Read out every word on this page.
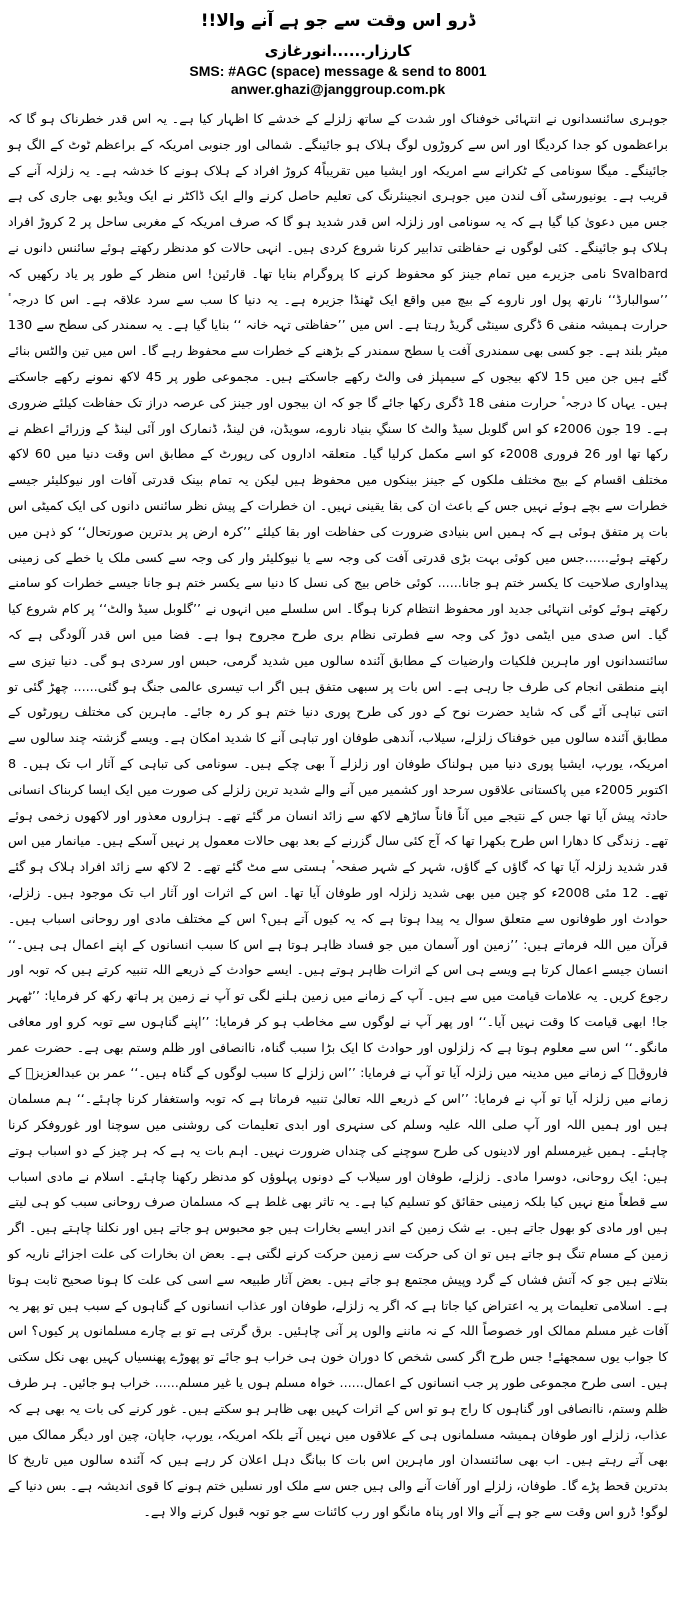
ڈرو اس وقت سے جو ہے آنے والا!!
کارزار......انورغازی
SMS: #AGC (space) message & send to 8001
anwer.ghazi@janggroup.com.pk

جوہری سائنسدانوں نے انتہائی خوفناک اور شدت کے ساتھ زلزلے کے خدشے کا اظہار کیا ہے۔ یہ اس قدر خطرناک ہو گا کہ براعظموں کو جدا کردیگا اور اس سے کروڑوں لوگ ہلاک ہو جائینگے۔ شمالی اور جنوبی امریکہ کے براعظم ٹوٹ کے الگ ہو جائینگے۔ میگا سونامی کے ٹکرانے سے امریکہ اور ایشیا میں تقریباً4 کروڑ افراد کے ہلاک ہونے کا خدشہ ہے۔ یہ زلزلہ آنے کے قریب ہے۔ یونیورسٹی آف لندن میں جوہری انجینئرنگ کی تعلیم حاصل کرنے والے ایک ڈاکٹر نے ایک ویڈیو بھی جاری کی ہے جس میں دعویٰ کیا گیا ہے کہ یہ سونامی اور زلزلہ اس قدر شدید ہو گا کہ صرف امریکہ کے مغربی ساحل پر 2 کروڑ افراد ہلاک ہو جائینگے۔ کئی لوگوں نے حفاظتی تدابیر کرنا شروع کردی ہیں۔ انہی حالات کو مدنظر رکھتے ہوئے سائنس دانوں نے Svalbard نامی جزیرے میں تمام جینز کو محفوظ کرنے کا پروگرام بنایا تھا۔ قارئین! اس منظر کے طور پر یاد رکھیں کہ ’’سوالبارڈ‘‘ نارتھ پول اور ناروے کے بیچ میں واقع ایک ٹھنڈا جزیرہ ہے۔ یہ دنیا کا سب سے سرد علاقہ ہے۔ اس کا درجہٴ حرارت ہمیشہ منفی 6 ڈگری سینٹی گریڈ رہتا ہے۔ اس میں ’’حفاظتی تہہ خانہ ‘‘ بنایا گیا ہے۔ یہ سمندر کی سطح سے 130 میٹر بلند ہے۔ جو کسی بھی سمندری آفت یا سطح سمندر کے بڑھنے کے خطرات سے محفوظ رہے گا۔ اس میں تین والٹس بنائے گئے ہیں جن میں 15 لاکھ بیجوں کے سیمپلز فی والٹ رکھے جاسکتے ہیں۔ مجموعی طور پر 45 لاکھ نمونے رکھے جاسکتے ہیں۔ یہاں کا درجہٴ حرارت منفی 18 ڈگری رکھا جائے گا جو کہ ان بیجوں اور جینز کی عرصہ دراز تک حفاظت کیلئے ضروری ہے۔ 19 جون 2006ء کو اس گلوبل سیڈ والٹ کا سنگِ بنیاد ناروے، سویڈن، فن لینڈ، ڈنمارک اور آئی لینڈ کے وزرائے اعظم نے رکھا تھا اور 26 فروری 2008ء کو اسے مکمل کرلیا گیا۔ متعلقہ اداروں کی رپورٹ کے مطابق اس وقت دنیا میں 60 لاکھ مختلف اقسام کے بیج مختلف ملکوں کے جینز بینکوں میں محفوظ ہیں لیکن یہ تمام بینک قدرتی آفات اور نیوکلیئر جیسے خطرات سے بچے ہوئے نہیں جس کے باعث ان کی بقا یقینی نہیں۔ ان خطرات کے پیش نظر سائنس دانوں کی ایک کمیٹی اس بات پر متفق ہوئی ہے کہ ہمیں اس بنیادی ضرورت کی حفاظت اور بقا کیلئے ’’کرہ ارض پر بدترین صورتحال‘‘ کو ذہن میں رکھتے ہوئے......جس میں کوئی بہت بڑی قدرتی آفت کی وجہ سے یا نیوکلیئر وار کی وجہ سے کسی ملک یا خطے کی زمینی پیداواری صلاحیت کا یکسر ختم ہو جانا...... کوئی خاص بیج کی نسل کا دنیا سے یکسر ختم ہو جانا جیسے خطرات کو سامنے رکھتے ہوئے کوئی انتہائی جدید اور محفوظ انتظام کرنا ہوگا۔ اس سلسلے میں انہوں نے ’’گلوبل سیڈ والٹ‘‘ پر کام شروع کیا گیا۔ اس صدی میں ایٹمی دوڑ کی وجہ سے فطرتی نظام بری طرح مجروح ہوا ہے۔ فضا میں اس قدر آلودگی ہے کہ سائنسدانوں اور ماہرین فلکیات وارضیات کے مطابق آئندہ سالوں میں شدید گرمی، حبس اور سردی ہو گی۔ دنیا تیزی سے اپنے منطقی انجام کی طرف جا رہی ہے۔ اس بات پر سبھی متفق ہیں اگر اب تیسری عالمی جنگ ہو گئی...... چھڑ گئی تو اتنی تباہی آئے گی کہ شاید حضرت نوح کے دور کی طرح پوری دنیا ختم ہو کر رہ جائے۔ ماہرین کی مختلف رپورٹوں کے مطابق آئندہ سالوں میں خوفناک زلزلے، سیلاب، آندھی طوفان اور تباہی آنے کا شدید امکان ہے۔ ویسے گزشتہ چند سالوں سے امریکہ، یورپ، ایشیا پوری دنیا میں ہولناک طوفان اور زلزلے آ بھی چکے ہیں۔ سونامی کی تباہی کے آثار اب تک ہیں۔ 8 اکتوبر 2005ء میں پاکستانی علاقوں سرحد اور کشمیر میں آنے والے شدید ترین زلزلے کی صورت میں ایک ایسا کربناک انسانی حادثہ پیش آیا تھا جس کے نتیجے میں آناً فاناً ساڑھے لاکھ سے زائد انسان مر گئے تھے۔ ہزاروں معذور اور لاکھوں زخمی ہوئے تھے۔ زندگی کا دھارا اس طرح بکھرا تھا کہ آج کئی سال گزرنے کے بعد بھی حالات معمول پر نہیں آسکے ہیں۔ میانمار میں اس قدر شدید زلزلہ آیا تھا کہ گاؤں کے گاؤں، شہر کے شہر صفحہٴ ہستی سے مٹ گئے تھے۔ 2 لاکھ سے زائد افراد ہلاک ہو گئے تھے۔ 12 مئی 2008ء کو چین میں بھی شدید زلزلہ اور طوفان آیا تھا۔ اس کے اثرات اور آثار اب تک موجود ہیں۔ زلزلے، حوادث اور طوفانوں سے متعلق سوال یہ پیدا ہوتا ہے کہ یہ کیوں آتے ہیں؟ اس کے مختلف مادی اور روحانی اسباب ہیں۔ قرآن میں اللہ فرماتے ہیں: ’’زمین اور آسمان میں جو فساد ظاہر ہوتا ہے اس کا سبب انسانوں کے اپنے اعمال ہی ہیں۔‘‘ انسان جیسے اعمال کرتا ہے ویسے ہی اس کے اثرات ظاہر ہوتے ہیں۔ ایسے حوادث کے ذریعے اللہ تنبیہ کرتے ہیں کہ توبہ اور رجوع کریں۔ یہ علامات قیامت میں سے ہیں۔ آپ کے زمانے میں زمین ہلنے لگی تو آپ نے زمین پر ہاتھ رکھ کر فرمایا: ’’ٹھہر جا! ابھی قیامت کا وقت نہیں آیا۔‘‘ اور پھر آپ نے لوگوں سے مخاطب ہو کر فرمایا: ’’اپنے گناہوں سے توبہ کرو اور معافی مانگو۔‘‘ اس سے معلوم ہوتا ہے کہ زلزلوں اور حوادث کا ایک بڑا سبب گناہ، ناانصافی اور ظلم وستم بھی ہے۔ حضرت عمر فاروقؓ کے زمانے میں مدینہ میں زلزلہ آیا تو آپ نے فرمایا: ’’اس زلزلے کا سبب لوگوں کے گناہ ہیں۔‘‘ عمر بن عبدالعزیزؒ کے زمانے میں زلزلہ آیا تو آپ نے فرمایا: ’’اس کے ذریعے اللہ تعالیٰ تنبیہ فرماتا ہے کہ توبہ واستغفار کرنا چاہئے۔‘‘ ہم مسلمان ہیں اور ہمیں اللہ اور آپ صلی اللہ علیہ وسلم کی سنہری اور ابدی تعلیمات کی روشنی میں سوچنا اور غوروفکر کرنا چاہئے۔ ہمیں غیرمسلم اور لادینوں کی طرح سوچنے کی چنداں ضرورت نہیں۔ اہم بات یہ ہے کہ ہر چیز کے دو اسباب ہوتے ہیں: ایک روحانی، دوسرا مادی۔ زلزلے، طوفان اور سیلاب کے دونوں پہلوؤں کو مدنظر رکھنا چاہئے۔ اسلام نے مادی اسباب سے قطعاً منع نہیں کیا بلکہ زمینی حقائق کو تسلیم کیا ہے۔ یہ تاثر بھی غلط ہے کہ مسلمان صرف روحانی سبب کو ہی لیتے ہیں اور مادی کو بھول جاتے ہیں۔ بے شک زمین کے اندر ایسے بخارات ہیں جو محبوس ہو جاتے ہیں اور نکلنا چاہتے ہیں۔ اگر زمین کے مسام تنگ ہو جاتے ہیں تو ان کی حرکت سے زمین حرکت کرنے لگتی ہے۔ بعض ان بخارات کی علت اجزائے ناریہ کو بتلاتے ہیں جو کہ آتش فشاں کے گرد وپیش مجتمع ہو جاتے ہیں۔ بعض آثار طبیعہ سے اسی کی علت کا ہونا صحیح ثابت ہوتا ہے۔ اسلامی تعلیمات پر یہ اعتراض کیا جاتا ہے کہ اگر یہ زلزلے، طوفان اور عذاب انسانوں کے گناہوں کے سبب ہیں تو پھر یہ آفات غیر مسلم ممالک اور خصوصاً اللہ کے نہ ماننے والوں پر آنی چاہئیں۔ برق گرتی ہے تو بے چارے مسلمانوں پر کیوں؟ اس کا جواب یوں سمجھئے! جس طرح اگر کسی شخص کا دوران خون ہی خراب ہو جائے تو پھوڑے پھنسیاں کہیں بھی نکل سکتی ہیں۔ اسی طرح مجموعی طور پر جب انسانوں کے اعمال...... خواہ مسلم ہوں یا غیر مسلم...... خراب ہو جائیں۔ ہر طرف ظلم وستم، ناانصافی اور گناہوں کا راج ہو تو اس کے اثرات کہیں بھی ظاہر ہو سکتے ہیں۔ غور کرنے کی بات یہ بھی ہے کہ عذاب، زلزلے اور طوفان ہمیشہ مسلمانوں ہی کے علاقوں میں نہیں آتے بلکہ امریکہ، یورپ، جاپان، چین اور دیگر ممالک میں بھی آتے رہتے ہیں۔ اب بھی سائنسدان اور ماہرین اس بات کا ببانگ دہل اعلان کر رہے ہیں کہ آئندہ سالوں میں تاریخ کا بدترین قحط پڑے گا۔ طوفان، زلزلے اور آفات آنے والی ہیں جس سے ملک اور نسلیں ختم ہونے کا قوی اندیشہ ہے۔ بس دنیا کے لوگو! ڈرو اس وقت سے جو ہے آنے والا اور پناہ مانگو اور رب کائنات سے جو توبہ قبول کرنے والا ہے۔
